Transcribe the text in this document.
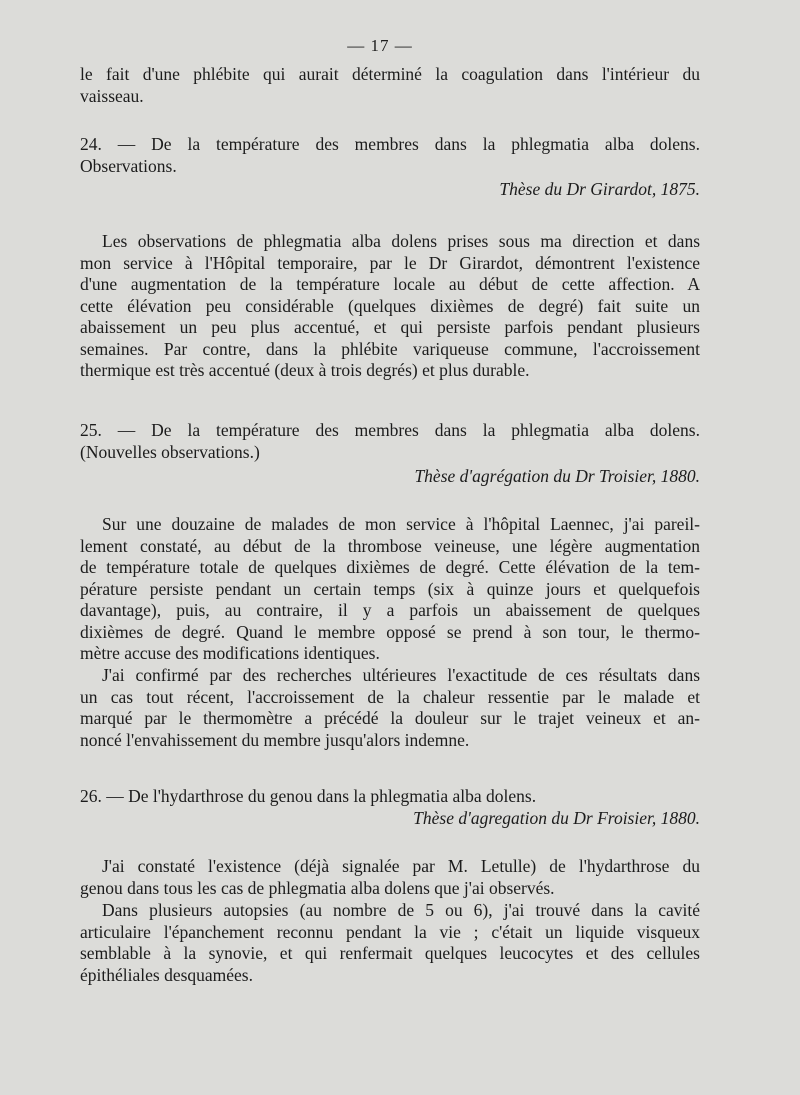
— 17 —
le fait d'une phlébite qui aurait déterminé la coagulation dans l'intérieur du
vaisseau.
24. — De la température des membres dans la phlegmatia alba dolens.
Observations.
Thèse du Dr Girardot, 1875.
Les observations de phlegmatia alba dolens prises sous ma direction et dans
mon service à l'Hôpital temporaire, par le Dr Girardot, démontrent l'existence
d'une augmentation de la température locale au début de cette affection. A
cette élévation peu considérable (quelques dixièmes de degré) fait suite un
abaissement un peu plus accentué, et qui persiste parfois pendant plusieurs
semaines. Par contre, dans la phlébite variqueuse commune, l'accroissement
thermique est très accentué (deux à trois degrés) et plus durable.
25. — De la température des membres dans la phlegmatia alba dolens.
(Nouvelles observations.)
Thèse d'agrégation du Dr Troisier, 1880.
Sur une douzaine de malades de mon service à l'hôpital Laennec, j'ai pareil-
lement constaté, au début de la thrombose veineuse, une légère augmentation
de température totale de quelques dixièmes de degré. Cette élévation de la tem-
pérature persiste pendant un certain temps (six à quinze jours et quelquefois
davantage), puis, au contraire, il y a parfois un abaissement de quelques
dixièmes de degré. Quand le membre opposé se prend à son tour, le thermo-
mètre accuse des modifications identiques.
J'ai confirmé par des recherches ultérieures l'exactitude de ces résultats dans
un cas tout récent, l'accroissement de la chaleur ressentie par le malade et
marqué par le thermomètre a précédé la douleur sur le trajet veineux et an-
noncé l'envahissement du membre jusqu'alors indemne.
26. — De l'hydarthrose du genou dans la phlegmatia alba dolens.
Thèse d'agregation du Dr Froisier, 1880.
J'ai constaté l'existence (déjà signalée par M. Letulle) de l'hydarthrose du
genou dans tous les cas de phlegmatia alba dolens que j'ai observés.
Dans plusieurs autopsies (au nombre de 5 ou 6), j'ai trouvé dans la cavité
articulaire l'épanchement reconnu pendant la vie ; c'était un liquide visqueux
semblable à la synovie, et qui renfermait quelques leucocytes et des cellules
épithéliales desquamées.
